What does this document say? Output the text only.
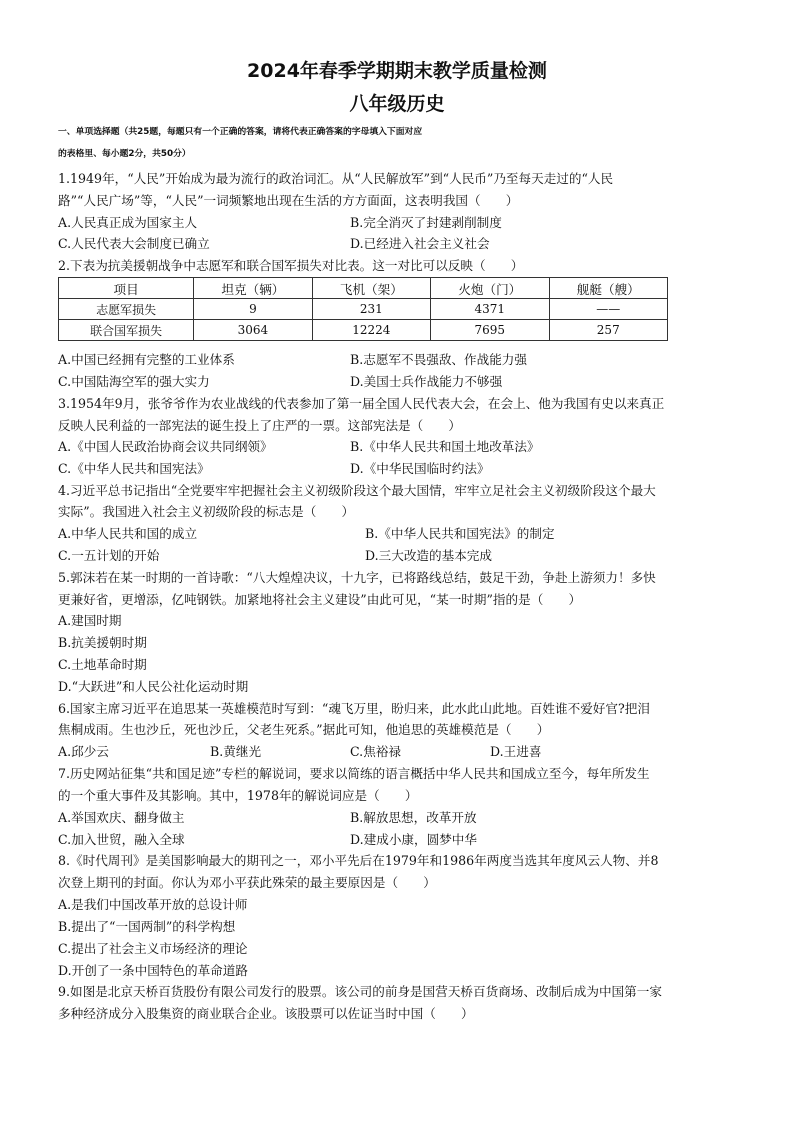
2024年春季学期期末教学质量检测
八年级历史
一、单项选择题（共25题，每题只有一个正确的答案，请将代表正确答案的字母填入下面对应
的表格里、每小题2分，共50分）
1.1949年，“人民”开始成为最为流行的政治词汇。从“人民解放军”到“人民币”乃至每天走过的“人民
路”“人民广场”等，“人民”一词频繁地出现在生活的方方面面，这表明我国（　　）
A.人民真正成为国家主人	B.完全消灭了封建剥削制度
C.人民代表大会制度已确立	D.已经进入社会主义社会
2.下表为抗美援朝战争中志愿军和联合国军损失对比表。这一对比可以反映（　　）
项目	坦克（辆）	飞机（架）	火炮（门）	舰艇（艘）
志愿军损失	9	231	4371	——
联合国军损失	3064	12224	7695	257
A.中国已经拥有完整的工业体系	B.志愿军不畏强敌、作战能力强
C.中国陆海空军的强大实力	D.美国士兵作战能力不够强
3.1954年9月，张爷爷作为农业战线的代表参加了第一届全国人民代表大会，在会上、他为我国有史以来真正
反映人民利益的一部宪法的诞生投上了庄严的一票。这部宪法是（　　）
A.《中国人民政治协商会议共同纲领》	B.《中华人民共和国土地改革法》
C.《中华人民共和国宪法》	D.《中华民国临时约法》
4.习近平总书记指出“全党要牢牢把握社会主义初级阶段这个最大国情，牢牢立足社会主义初级阶段这个最大
实际”。我国进入社会主义初级阶段的标志是（　　）
A.中华人民共和国的成立	B.《中华人民共和国宪法》的制定
C.一五计划的开始	D.三大改造的基本完成
5.郭沫若在某一时期的一首诗歌：“八大煌煌决议，十九字，已将路线总结，鼓足干劲，争赴上游须力！多快
更兼好省，更增添，亿吨钢铁。加紧地将社会主义建设”由此可见，“某一时期”指的是（　　）
A.建国时期
B.抗美援朝时期
C.土地革命时期
D.“大跃进”和人民公社化运动时期
6.国家主席习近平在追思某一英雄模范时写到：“魂飞万里，盼归来，此水此山此地。百姓谁不爱好官?把泪
焦桐成雨。生也沙丘，死也沙丘，父老生死系。”据此可知，他追思的英雄模范是（　　）
A.邱少云	B.黄继光	C.焦裕禄	D.王进喜
7.历史网站征集“共和国足迹”专栏的解说词，要求以简练的语言概括中华人民共和国成立至今，每年所发生
的一个重大事件及其影响。其中，1978年的解说词应是（　　）
A.举国欢庆、翻身做主	B.解放思想，改革开放
C.加入世贸，融入全球	D.建成小康，圆梦中华
8.《时代周刊》是美国影响最大的期刊之一，邓小平先后在1979年和1986年两度当选其年度风云人物、并8
次登上期刊的封面。你认为邓小平获此殊荣的最主要原因是（　　）
A.是我们中国改革开放的总设计师
B.提出了“一国两制”的科学构想
C.提出了社会主义市场经济的理论
D.开创了一条中国特色的革命道路
9.如图是北京天桥百货股份有限公司发行的股票。该公司的前身是国营天桥百货商场、改制后成为中国第一家
多种经济成分入股集资的商业联合企业。该股票可以佐证当时中国（　　）
